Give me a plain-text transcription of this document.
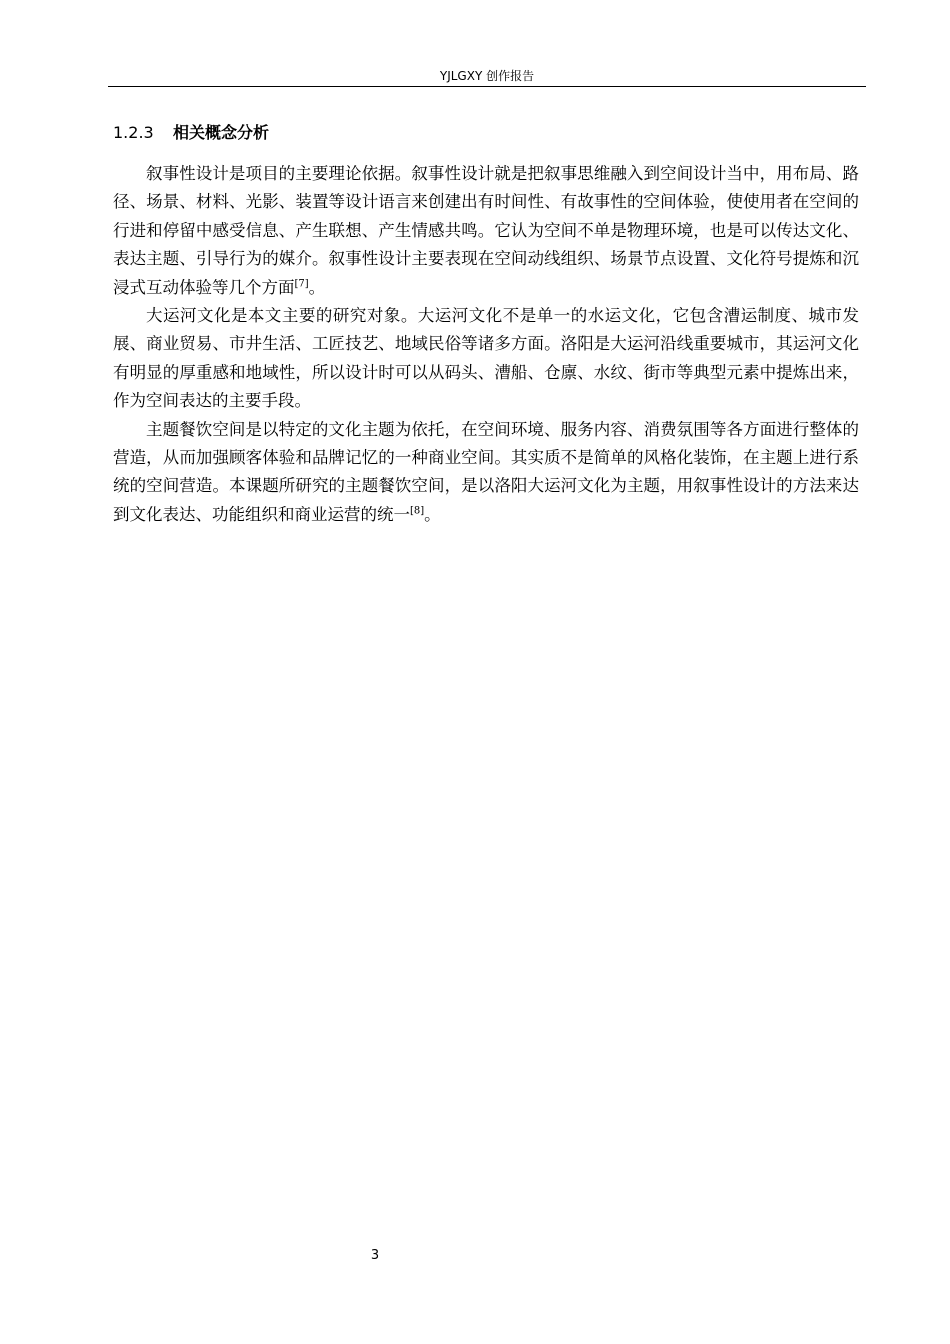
YJLGXY 创作报告
1.2.3 相关概念分析

叙事性设计是项目的主要理论依据。叙事性设计就是把叙事思维融入到空间设计当中，用布局、路径、场景、材料、光影、装置等设计语言来创建出有时间性、有故事性的空间体验，使使用者在空间的行进和停留中感受信息、产生联想、产生情感共鸣。它认为空间不单是物理环境，也是可以传达文化、表达主题、引导行为的媒介。叙事性设计主要表现在空间动线组织、场景节点设置、文化符号提炼和沉浸式互动体验等几个方面[7]。

大运河文化是本文主要的研究对象。大运河文化不是单一的水运文化，它包含漕运制度、城市发展、商业贸易、市井生活、工匠技艺、地域民俗等诸多方面。洛阳是大运河沿线重要城市，其运河文化有明显的厚重感和地域性，所以设计时可以从码头、漕船、仓廪、水纹、街市等典型元素中提炼出来，作为空间表达的主要手段。

主题餐饮空间是以特定的文化主题为依托，在空间环境、服务内容、消费氛围等各方面进行整体的营造，从而加强顾客体验和品牌记忆的一种商业空间。其实质不是简单的风格化装饰，在主题上进行系统的空间营造。本课题所研究的主题餐饮空间，是以洛阳大运河文化为主题，用叙事性设计的方法来达到文化表达、功能组织和商业运营的统一[8]。

3
